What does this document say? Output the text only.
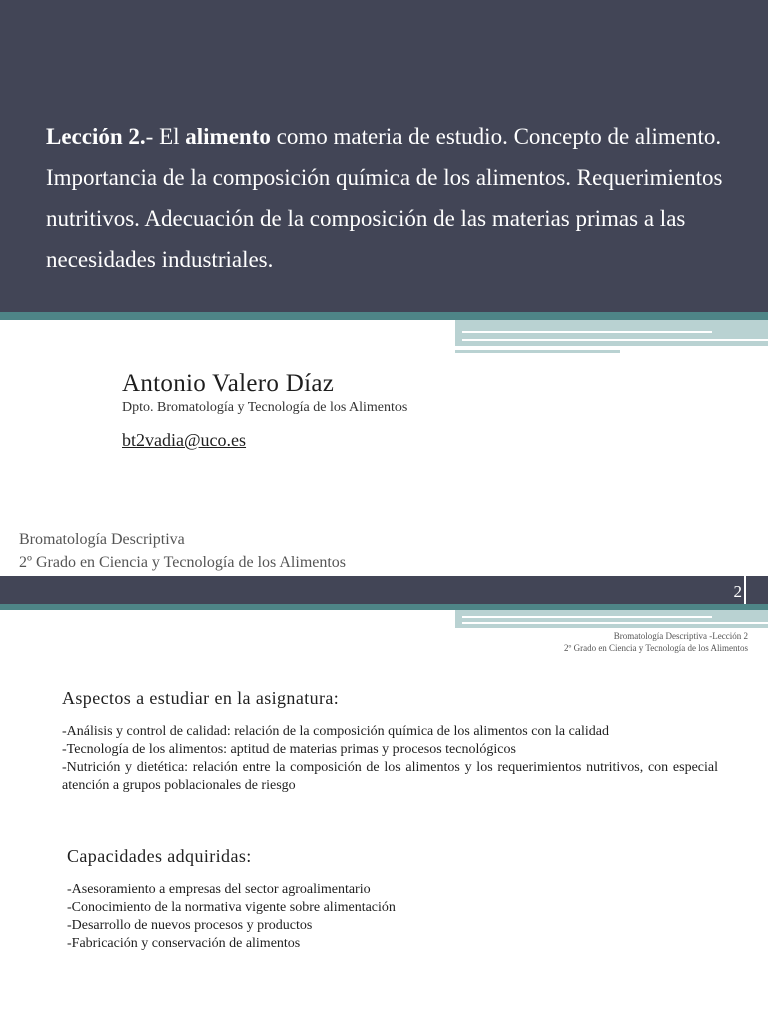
Lección 2.- El alimento como materia de estudio. Concepto de alimento. Importancia de la composición química de los alimentos. Requerimientos nutritivos. Adecuación de la composición de las materias primas a las necesidades industriales.
Antonio Valero Díaz
Dpto. Bromatología y Tecnología de los Alimentos
bt2vadia@uco.es
Bromatología Descriptiva
2º Grado en Ciencia y Tecnología de los Alimentos
2
Bromatología Descriptiva -Lección 2
2º Grado en Ciencia y Tecnología de los Alimentos
Aspectos a estudiar en la asignatura:
-Análisis y control de calidad: relación de la composición química de los alimentos con la calidad
-Tecnología de los alimentos: aptitud de materias primas y procesos tecnológicos
-Nutrición y dietética: relación entre la composición de los alimentos y los requerimientos nutritivos, con especial atención a grupos poblacionales de riesgo
Capacidades adquiridas:
-Asesoramiento a empresas del sector agroalimentario
-Conocimiento de la normativa vigente sobre alimentación
-Desarrollo de nuevos procesos y productos
-Fabricación y conservación de alimentos
